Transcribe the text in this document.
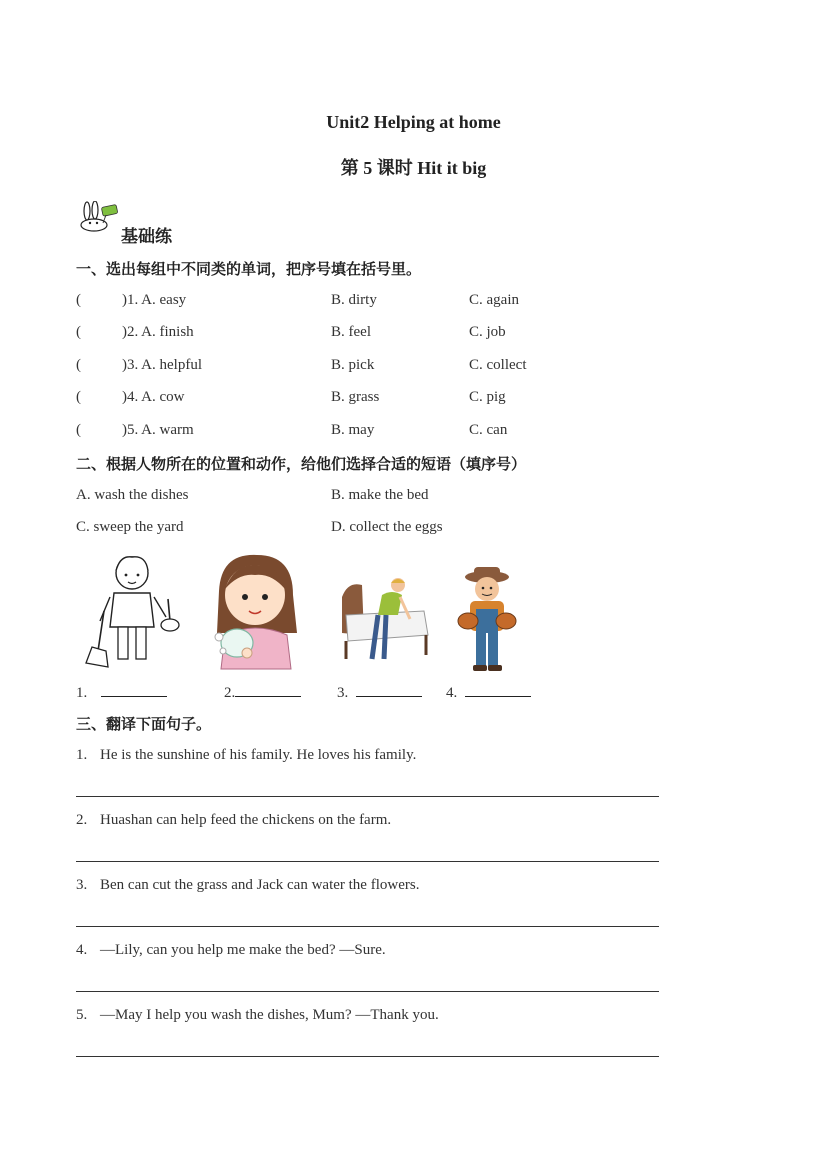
Unit2 Helping at home
第 5 课时 Hit it big
基础练
一、选出每组中不同类的单词，把序号填在括号里。
(	)1. A. easy	B. dirty	C. again
(	)2. A. finish	B. feel	C. job
(	)3. A. helpful	B. pick	C. collect
(	)4. A. cow	B. grass	C. pig
(	)5. A. warm	B. may	C. can
二、根据人物所在的位置和动作，给他们选择合适的短语（填序号）
A. wash the dishes	B. make the bed
C. sweep the yard	D. collect the eggs
1.	2.	3.	4.
三、翻译下面句子。
1. He is the sunshine of his family. He loves his family.
2. Huashan can help feed the chickens on the farm.
3. Ben can cut the grass and Jack can water the flowers.
4. —Lily, can you help me make the bed? —Sure.
5. —May I help you wash the dishes, Mum? —Thank you.
